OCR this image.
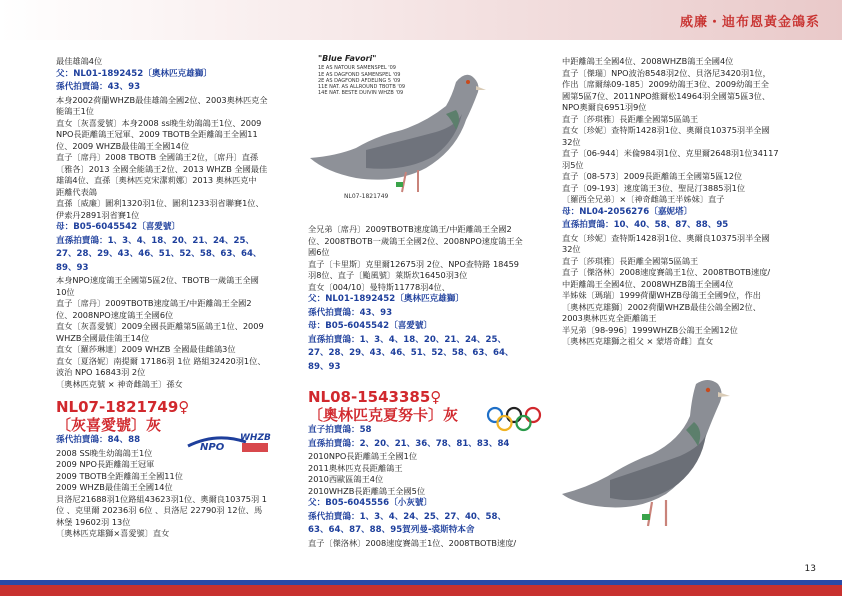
威廉・迪布恩黃金鴿系

最佳雄鴿4位

父：NL01-1892452〔奧林匹克雄獅〕

孫代拍賣鴿：43、93

本身2002荷蘭WHZB最佳雄鴿全國2位、2003奧林匹克全

能鴿王1位

直女〔灰喜愛號〕本身2008 ss晚生幼鴿鴿王1位、2009

NPO長距離鴿王冠軍、2009 TBOTB全距離鴿王全國11

位、2009 WHZB最佳鴿王全國14位

直子〔席丹〕2008 TBOTB 全國鴿王2位，〔席丹〕直孫

〔雅各〕2013 全國全能鴿王2位、2013 WHZB 全國最佳

雄鴿4位、直孫〔奧林匹克宋潔莉娜〕2013 奧林匹克中

距離代表鴿

直孫〔威廉〕圖利1320羽1位、圖利1233羽省聯賽1位、

伊索丹2891羽省賽1位

母：B05-6045542〔喜愛號〕

直孫拍賣鴿：1、3、4、18、20、21、24、25、

27、28、29、43、46、51、52、58、63、64、

89、93

本身NPO速度鴿王全國第5區2位、TBOTB一歲鴿王全國

10位

直子〔席丹〕2009TBOTB速度鴿王/中距離鴿王全國2

位、2008NPO速度鴿王全國6位

直女〔灰喜愛號〕2009全國長距離第5區鴿王1位、2009

WHZB全國最佳鴿王14位

直女〔羅莎琳達〕2009 WHZB 全國最佳雌鴿3位

直女〔夏洛妮〕南提爾 17186羽 1位 路組32420羽1位、

波治 NPO 16843羽 2位

〔奧林匹克號 × 神奇雌鴿王〕孫女

NL07-1821749♀

〔灰喜愛號〕灰

孫代拍賣鴿：84、88

2008 SS晚生幼鴿鴿王1位

2009 NPO長距離鴿王冠軍

2009 TBOTB全距離鴿王全國11位

2009 WHZB最佳鴿王全國14位

貝洛尼21688羽1位路組43623羽1位、奧爾良10375羽 1

位 、克里爾 20236羽 6位 、貝洛尼 22790羽 12位、馬

林堡 19602羽 13位

〔奧林匹克雄獅×喜愛號〕直女

NPO
WHZB
"Blue Favori"
1E AS NATOUR SAMENSPEL '09
1E AS DAGFOND SAMENSPEL '09
2E AS DAGFOND AFDELING 5 '09
11E NAT. AS ALLROUND TBOTB '09
14E NAT. BESTE DUIVIN WHZB '09
NL07-1821749

全兄弟〔席丹〕2009TBOTB速度鴿王/中距離鴿王全國2

位、2008TBOTB一歲鴿王全國2位、2008NPO速度鴿王全

國6位

直子〔卡里斯〕克里爾12675羽 2位、NPO查特路 18459

羽8位、直子〔颱風號〕萊斯坎16450羽3位

直女〔004/10〕曼特斯11778羽4位、

父：NL01-1892452〔奧林匹克雄獅〕

孫代拍賣鴿：43、93

母：B05-6045542〔喜愛號〕

直孫拍賣鴿：1、3、4、18、20、21、24、25、

27、28、29、43、46、51、52、58、63、64、

89、93

NL08-1543385♀

〔奧林匹克夏努卡〕灰

直子拍賣鴿：58

直孫拍賣鴿：2、20、21、36、78、81、83、84

2010NPO長距離鴿王全國1位

2011奧林匹克長距離鴿王

2010西歐區鴿王4位

2010WHZB長距離鴿王全國5位

父：B05-6045556〔小灰號〕

孫代拍賣鴿：1、3、4、24、25、27、40、58、

63、64、87、88、95賀列曼-裘斯特本舍

直子〔傑洛林〕2008速度賽鴿王1位、2008TBOTB速度/

中距離鴿王全國4位、2008WHZB鴿王全國4位

直子〔傑瑞〕NPO波治8548羽2位、貝洛尼3420羽1位，

作出〔席爾絲09-185〕2009幼鴿王3位、2009幼鴿王全

國第5區7位、2011NPO維爾松14964羽全國第5區3位、

NPO奧爾良6951羽9位

直子〔莎琪雅〕長距離全國第5區鴿王

直女〔珍妮〕查特斯1428羽1位、奧爾良10375羽半全國

32位

直子〔06-944〕米倫984羽1位、克里爾2648羽1位34117

羽5位

直子〔08-573〕2009長距離鴿王全國第5區12位

直子〔09-193〕速度鴿王3位、聖昆汀3885羽1位

〔羅西全兄弟〕×〔神奇雌鴿王半姊妹〕直子

母：NL04-2056276〔嘉妮塔〕

直孫拍賣鴿：10、40、58、87、88、95

直女〔珍妮〕查特斯1428羽1位、奧爾良10375羽半全國

32位

直子〔莎琪雅〕長距離全國第5區鴿王

直子〔傑洛林〕2008速度賽鴿王1位、2008TBOTB速度/

中距離鴿王全國4位、2008WHZB鴿王全國4位

半姊妹〔瑪瑞〕1999荷蘭WHZB母鴿王全國9位，作出

〔奧林匹克雄獅〕2002荷蘭WHZB最佳公鴿全國2位、

2003奧林匹克全距離鴿王

半兄弟〔98-996〕1999WHZB公鴿王全國12位

〔奧林匹克雄獅之祖父 × 蒙塔奇雌〕直女

13
